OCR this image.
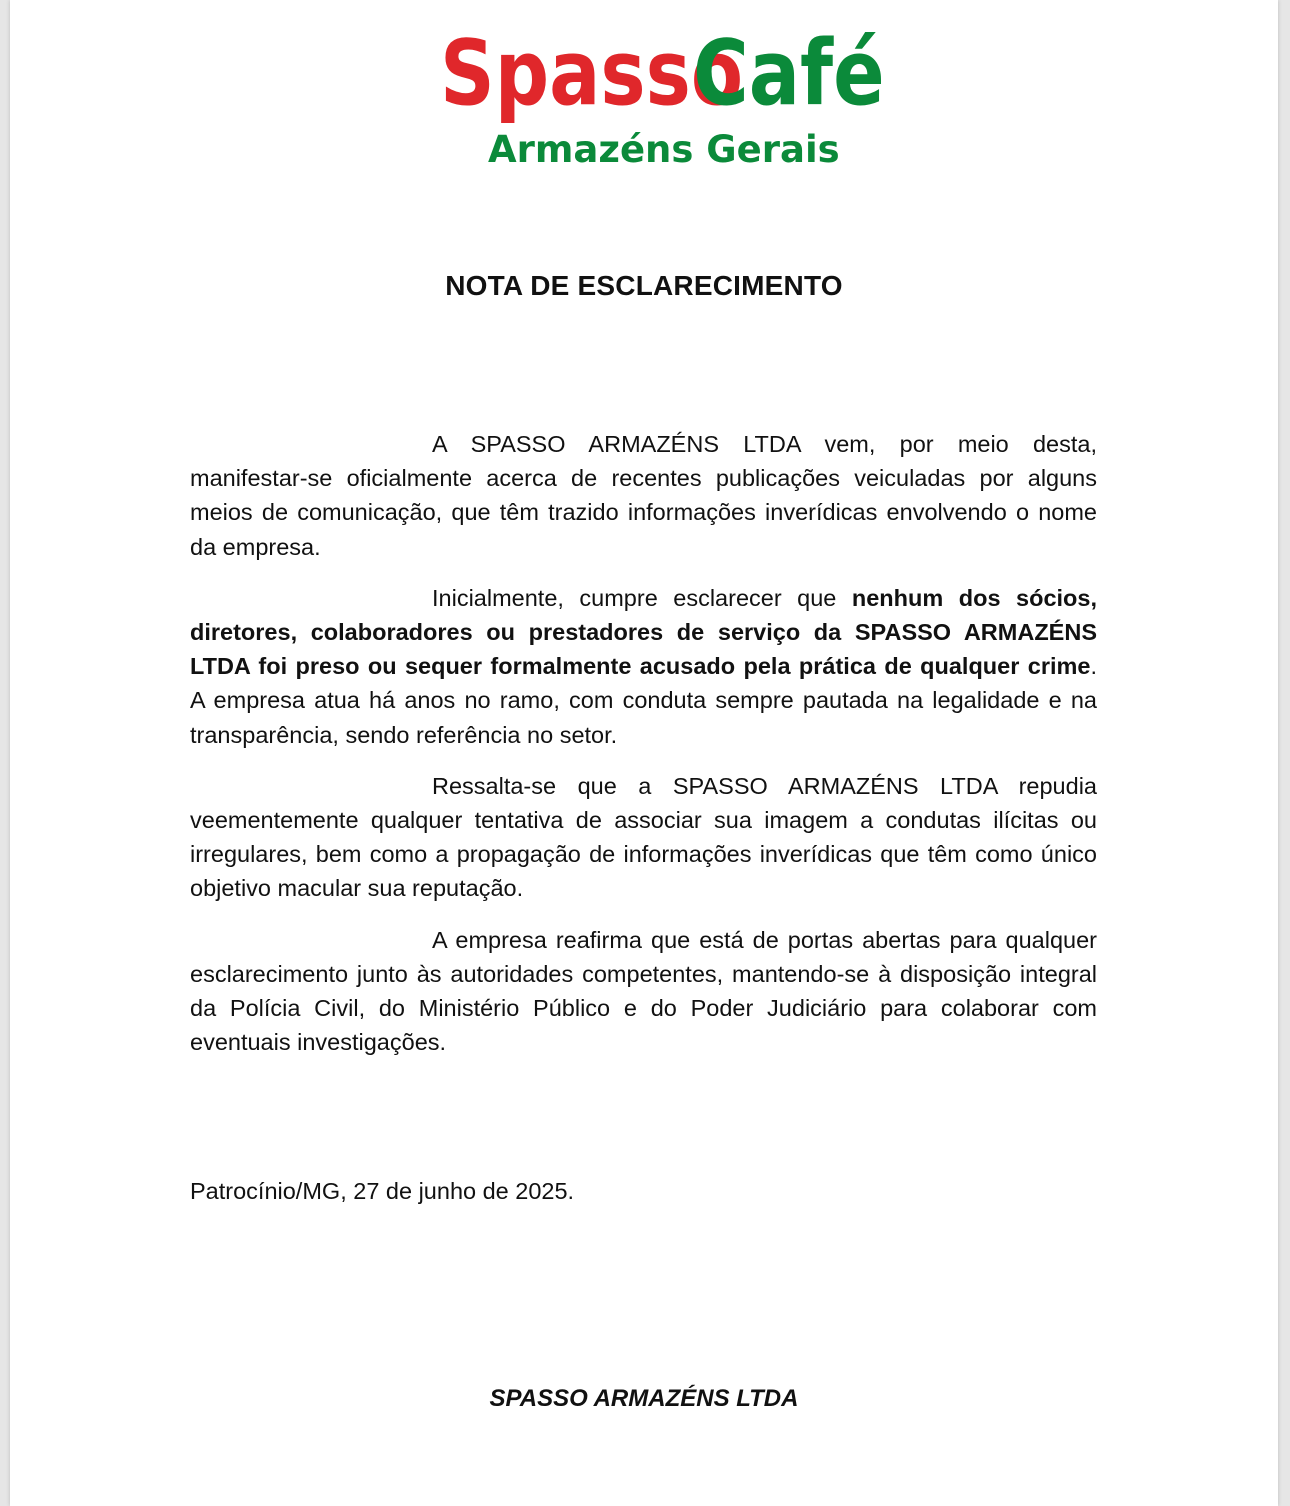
Spasso
Café
Armazéns Gerais
NOTA DE ESCLARECIMENTO

A SPASSO ARMAZÉNS LTDA vem, por meio desta, manifestar-se oficialmente acerca de recentes publicações veiculadas por alguns meios de comunicação, que têm trazido informações inverídicas envolvendo o nome da empresa.

Inicialmente, cumpre esclarecer que nenhum dos sócios, diretores, colaboradores ou prestadores de serviço da SPASSO ARMAZÉNS LTDA foi preso ou sequer formalmente acusado pela prática de qualquer crime. A empresa atua há anos no ramo, com conduta sempre pautada na legalidade e na transparência, sendo referência no setor.

Ressalta-se que a SPASSO ARMAZÉNS LTDA repudia veementemente qualquer tentativa de associar sua imagem a condutas ilícitas ou irregulares, bem como a propagação de informações inverídicas que têm como único objetivo macular sua reputação.

A empresa reafirma que está de portas abertas para qualquer esclarecimento junto às autoridades competentes, mantendo-se à disposição integral da Polícia Civil, do Ministério Público e do Poder Judiciário para colaborar com eventuais investigações.

Patrocínio/MG, 27 de junho de 2025.

SPASSO ARMAZÉNS LTDA
